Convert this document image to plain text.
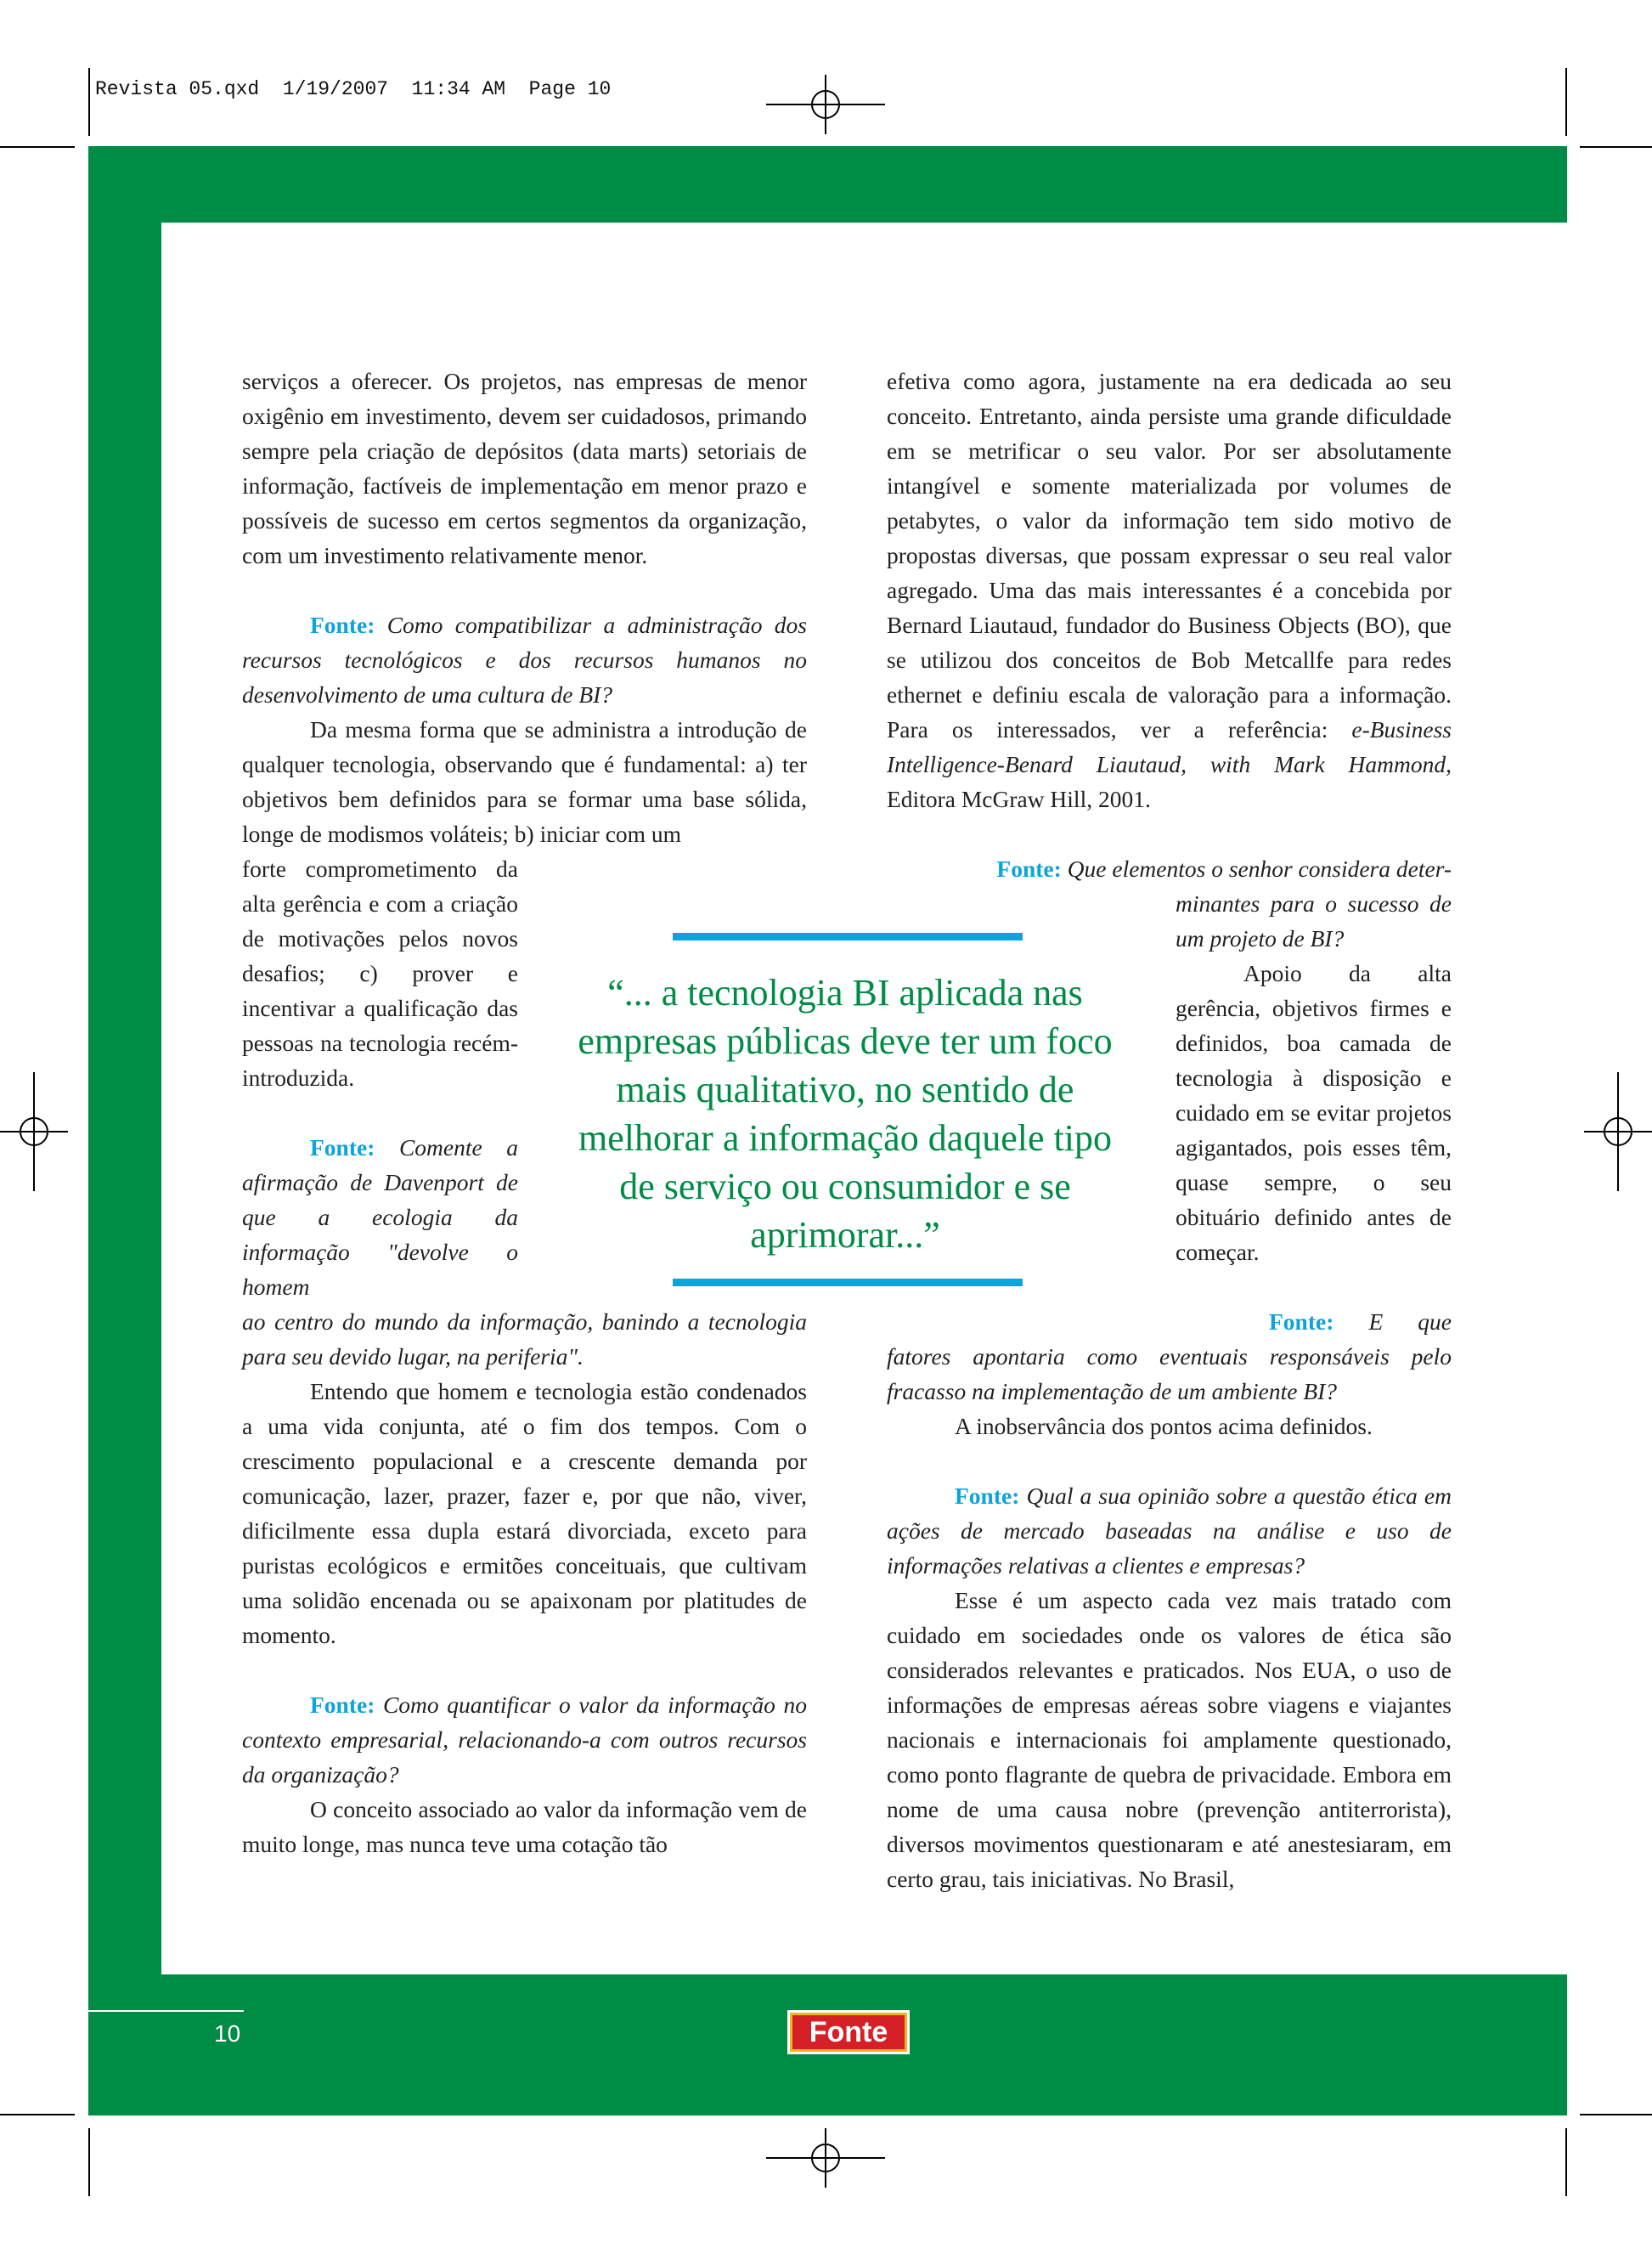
Revista 05.qxd  1/19/2007  11:34 AM  Page 10

serviços a oferecer. Os projetos, nas empresas de menor oxigênio em investimento, devem ser cuidadosos, primando sempre pela criação de depósitos (data marts) setoriais de informação, factíveis de implementação em menor prazo e possíveis de sucesso em certos segmentos da organização, com um investimento relativamente menor.

Fonte: Como compatibilizar a administração dos recursos tecnológicos e dos recursos humanos no desenvolvimento de uma cultura de BI?

Da mesma forma que se administra a introdução de qualquer tecnologia, observando que é fundamental: a) ter objetivos bem definidos para se formar uma base sólida, longe de modismos voláteis; b) iniciar com um

forte comprometimento da alta gerência e com a criação de motivações pelos novos desafios; c) prover e incentivar a qualificação das pessoas na tecnologia recém-introduzida.

Fonte: Comente a afirmação de Davenport de que a ecologia da informação "devolve o homem

ao centro do mundo da informação, banindo a tecnologia para seu devido lugar, na periferia".

Entendo que homem e tecnologia estão condenados a uma vida conjunta, até o fim dos tempos. Com o crescimento populacional e a crescente demanda por comunicação, lazer, prazer, fazer e, por que não, viver, dificilmente essa dupla estará divorciada, exceto para puristas ecológicos e ermitões conceituais, que cultivam uma solidão encenada ou se apaixonam por platitudes de momento.

Fonte: Como quantificar o valor da informação no contexto empresarial, relacionando-a com outros recursos da organização?

O conceito associado ao valor da informação vem de muito longe, mas nunca teve uma cotação tão

efetiva como agora, justamente na era dedicada ao seu conceito. Entretanto, ainda persiste uma grande dificuldade em se metrificar o seu valor. Por ser absolutamente intangível e somente materializada por volumes de petabytes, o valor da informação tem sido motivo de propostas diversas, que possam expressar o seu real valor agregado. Uma das mais interessantes é a concebida por Bernard Liautaud, fundador do Business Objects (BO), que se utilizou dos conceitos de Bob Metcallfe para redes ethernet e definiu escala de valoração para a informação. Para os interessados, ver a referência: e-Business Intelligence-Benard Liautaud, with Mark Hammond, Editora McGraw Hill, 2001.

Fonte: Que elementos o senhor considera deter-

minantes para o sucesso de um projeto de BI?

Apoio da alta gerência, objetivos firmes e definidos, boa camada de tecnologia à disposição e cuidado em se evitar projetos agigantados, pois esses têm, quase sempre, o seu obituário definido antes de começar.

Fonte: E que fatores apontaria como eventuais responsáveis pelo fracasso na implementação de um ambiente BI?

A inobservância dos pontos acima definidos.

Fonte: Qual a sua opinião sobre a questão ética em ações de mercado baseadas na análise e uso de informações relativas a clientes e empresas?

Esse é um aspecto cada vez mais tratado com cuidado em sociedades onde os valores de ética são considerados relevantes e praticados. Nos EUA, o uso de informações de empresas aéreas sobre viagens e viajantes nacionais e internacionais foi amplamente questionado, como ponto flagrante de quebra de privacidade. Embora em nome de uma causa nobre (prevenção antiterrorista), diversos movimentos questionaram e até anestesiaram, em certo grau, tais iniciativas. No Brasil,

“... a tecnologia BI aplicada nas empresas públicas deve ter um foco mais qualitativo, no sentido de melhorar a informação daquele tipo de serviço ou consumidor e se aprimorar...”
10	Fonte
